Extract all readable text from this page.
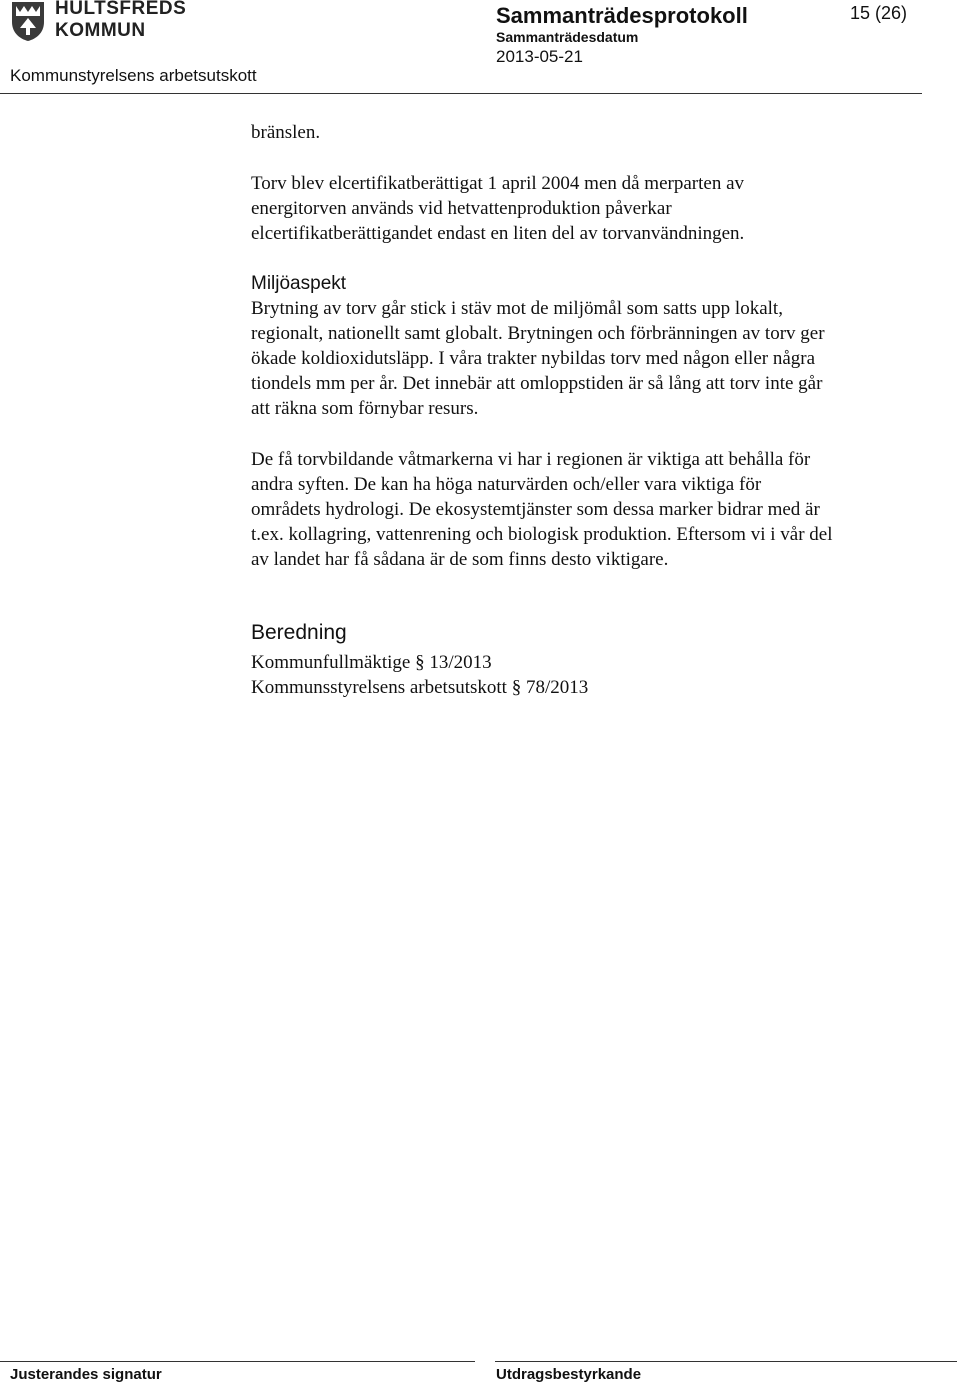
HULTSFREDS
KOMMUN
Kommunstyrelsens arbetsutskott
Sammanträdesprotokoll	15 (26)
Sammanträdesdatum
2013-05-21

bränslen.

Torv blev elcertifikatberättigat 1 april 2004 men då merparten av
energitorven används vid hetvattenproduktion påverkar
elcertifikatberättigandet endast en liten del av torvanvändningen.

Miljöaspekt

Brytning av torv går stick i stäv mot de miljömål som satts upp lokalt,
regionalt, nationellt samt globalt. Brytningen och förbränningen av torv ger
ökade koldioxidutsläpp. I våra trakter nybildas torv med någon eller några
tiondels mm per år. Det innebär att omloppstiden är så lång att torv inte går
att räkna som förnybar resurs.

De få torvbildande våtmarkerna vi har i regionen är viktiga att behålla för
andra syften. De kan ha höga naturvärden och/eller vara viktiga för
områdets hydrologi. De ekosystemtjänster som dessa marker bidrar med är
t.ex. kollagring, vattenrening och biologisk produktion. Eftersom vi i vår del
av landet har få sådana är de som finns desto viktigare.

Beredning
Kommunfullmäktige § 13/2013
Kommunsstyrelsens arbetsutskott § 78/2013
Justerandes signatur	Utdragsbestyrkande
